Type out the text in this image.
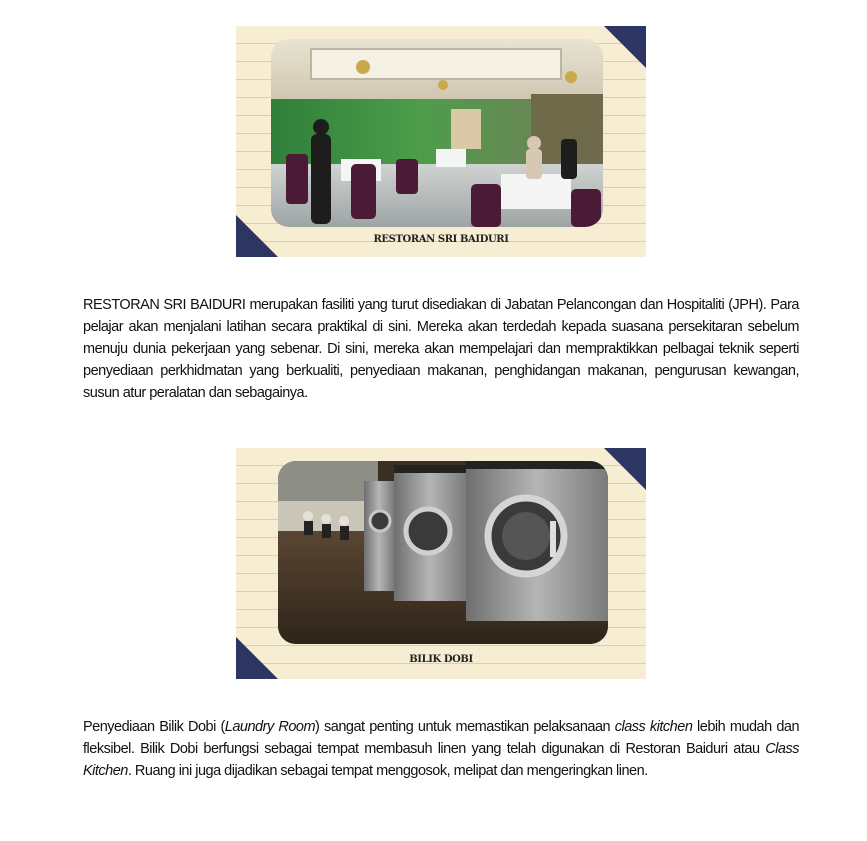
RESTORAN SRI BAIDURI

RESTORAN SRI BAIDURI merupakan fasiliti yang turut disediakan di Jabatan Pelancongan dan Hospitaliti (JPH). Para pelajar akan menjalani latihan secara praktikal di sini. Mereka akan terdedah kepada suasana persekitaran sebelum menuju dunia pekerjaan yang sebenar. Di sini, mereka akan mempelajari dan mempraktikkan pelbagai teknik seperti penyediaan perkhidmatan yang berkualiti, penyediaan makanan, penghidangan makanan, pengurusan kewangan, susun atur peralatan dan sebagainya.

BILIK DOBI

Penyediaan Bilik Dobi (Laundry Room) sangat penting untuk memastikan pelaksanaan class kitchen lebih mudah dan fleksibel. Bilik Dobi berfungsi sebagai tempat membasuh linen yang telah digunakan di Restoran Baiduri atau Class Kitchen. Ruang ini juga dijadikan sebagai tempat menggosok, melipat dan mengeringkan linen.
